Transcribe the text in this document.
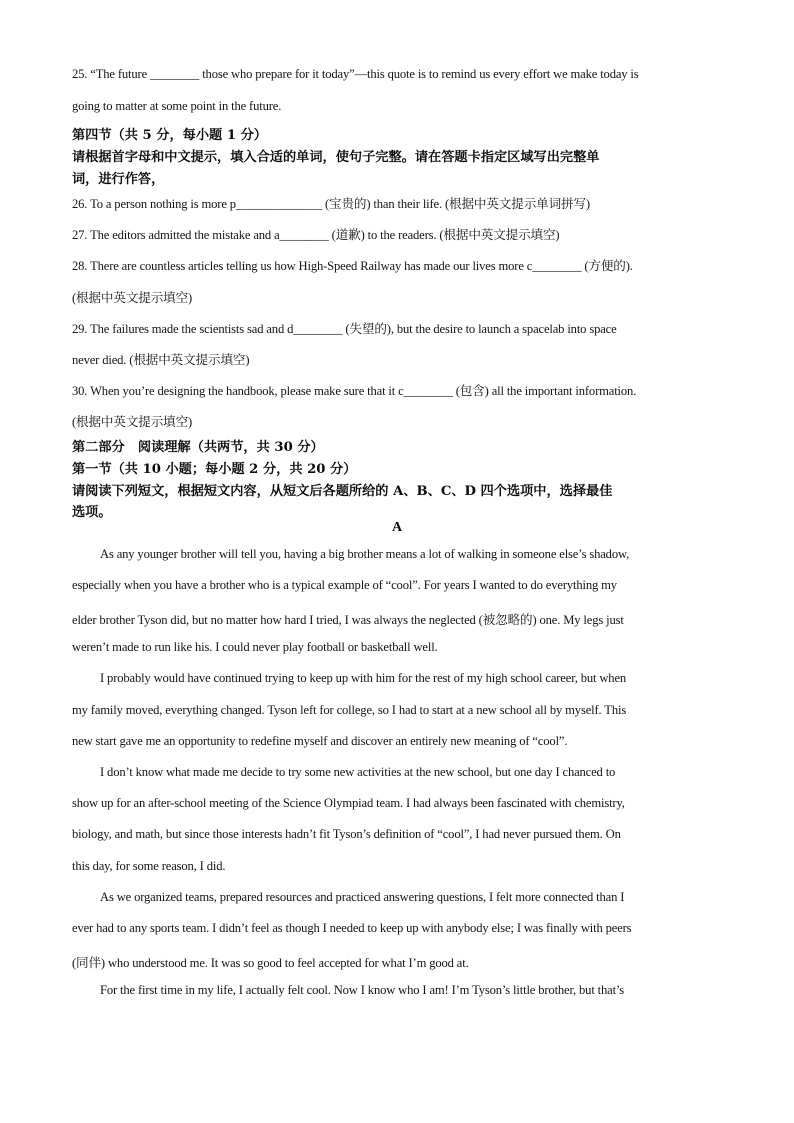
25. “The future ________ those who prepare for it today”—this quote is to remind us every effort we make today is
going to matter at some point in the future.
第四节（共 5 分，每小题 1 分）
请根据首字母和中文提示，填入合适的单词，使句子完整。请在答题卡指定区域写出完整单
词，进行作答，
26. To a person nothing is more p______________ (宝贵的) than their life. (根据中英文提示单词拼写)
27. The editors admitted the mistake and a________ (道歉) to the readers. (根据中英文提示填空)
28. There are countless articles telling us how High-Speed Railway has made our lives more c________ (方便的).
(根据中英文提示填空)
29. The failures made the scientists sad and d________ (失望的), but the desire to launch a spacelab into space
never died. (根据中英文提示填空)
30. When you’re designing the handbook, please make sure that it c________ (包含) all the important information.
(根据中英文提示填空)
第二部分　阅读理解（共两节，共 30 分）
第一节（共 10 小题；每小题 2 分，共 20 分）
请阅读下列短文，根据短文内容，从短文后各题所给的 A、B、C、D 四个选项中，选择最佳
选项。
A
As any younger brother will tell you, having a big brother means a lot of walking in someone else’s shadow,
especially when you have a brother who is a typical example of “cool”. For years I wanted to do everything my
elder brother Tyson did, but no matter how hard I tried, I was always the neglected (被忽略的) one. My legs just
weren’t made to run like his. I could never play football or basketball well.
I probably would have continued trying to keep up with him for the rest of my high school career, but when
my family moved, everything changed. Tyson left for college, so I had to start at a new school all by myself. This
new start gave me an opportunity to redefine myself and discover an entirely new meaning of “cool”.
I don’t know what made me decide to try some new activities at the new school, but one day I chanced to
show up for an after-school meeting of the Science Olympiad team. I had always been fascinated with chemistry,
biology, and math, but since those interests hadn’t fit Tyson’s definition of “cool”, I had never pursued them. On
this day, for some reason, I did.
As we organized teams, prepared resources and practiced answering questions, I felt more connected than I
ever had to any sports team. I didn’t feel as though I needed to keep up with anybody else; I was finally with peers
(同伴) who understood me. It was so good to feel accepted for what I’m good at.
For the first time in my life, I actually felt cool. Now I know who I am! I’m Tyson’s little brother, but that’s
